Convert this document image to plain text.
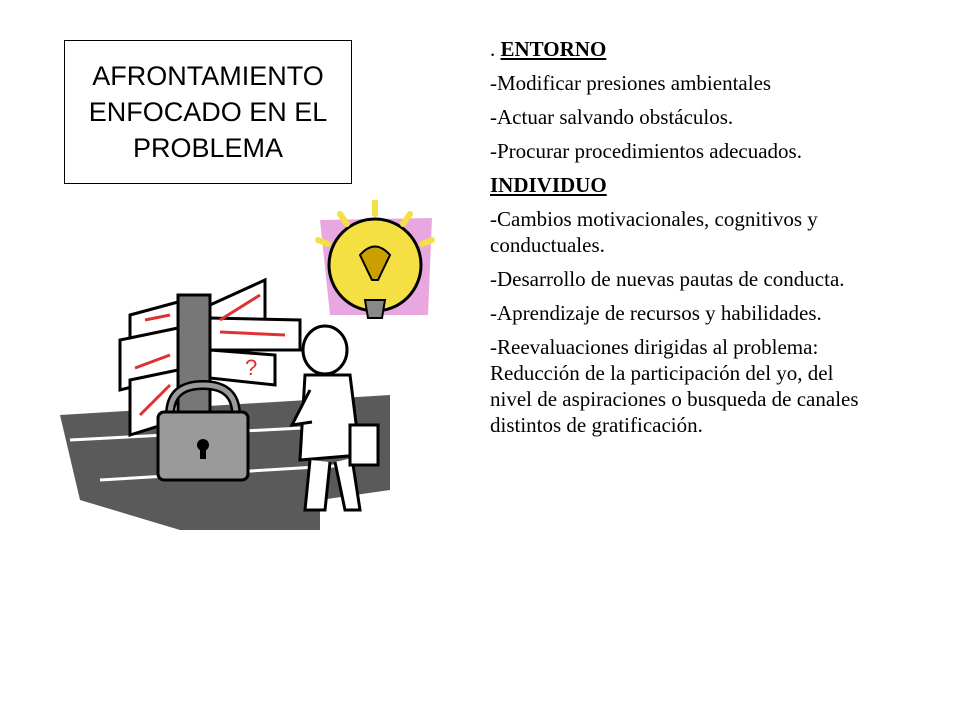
AFRONTAMIENTO
ENFOCADO EN EL
PROBLEMA

?

. ENTORNO

-Modificar presiones ambientales

-Actuar salvando obstáculos.

-Procurar procedimientos adecuados.

INDIVIDUO

-Cambios motivacionales, cognitivos y conductuales.

-Desarrollo de nuevas pautas de conducta.

-Aprendizaje de recursos y habilidades.

-Reevaluaciones dirigidas al problema: Reducción de la participación del yo, del nivel de aspiraciones o busqueda de canales distintos de gratificación.
